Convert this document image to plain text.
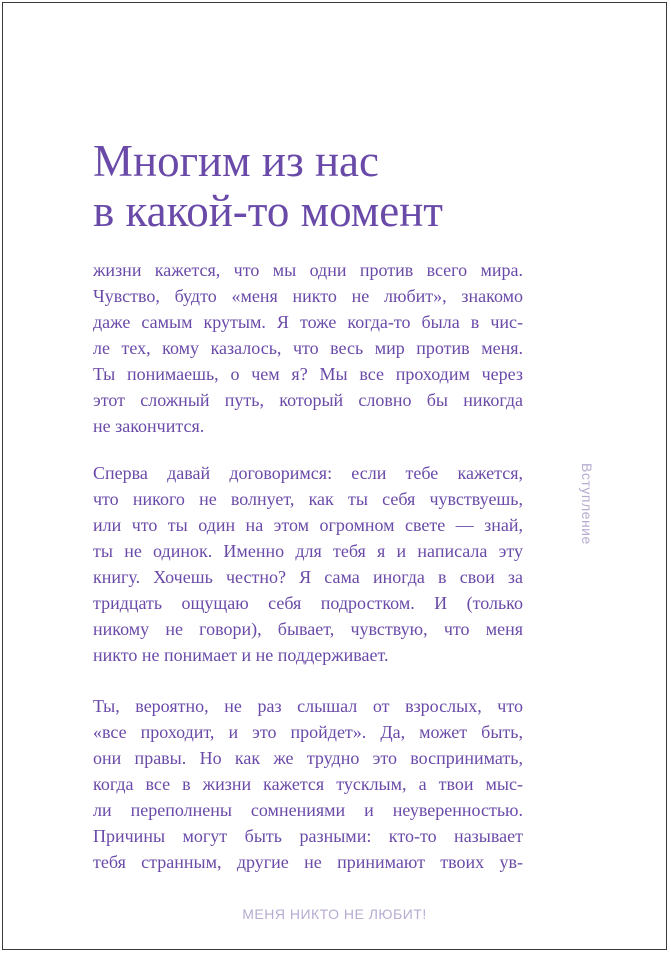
Многим из нас
в какой-то момент

жизни кажется, что мы одни против всего мира.
Чувство, будто «меня никто не любит», знакомо
даже самым крутым. Я тоже когда-то была в чис-
ле тех, кому казалось, что весь мир против меня.
Ты понимаешь, о чем я? Мы все проходим через
этот сложный путь, который словно бы никогда
не закончится.

Сперва давай договоримся: если тебе кажется,
что никого не волнует, как ты себя чувствуешь,
или что ты один на этом огромном свете — знай,
ты не одинок. Именно для тебя я и написала эту
книгу. Хочешь честно? Я сама иногда в свои за
тридцать ощущаю себя подростком. И (только
никому не говори), бывает, чувствую, что меня
никто не понимает и не поддерживает.

Ты, вероятно, не раз слышал от взрослых, что
«все проходит, и это пройдет». Да, может быть,
они правы. Но как же трудно это воспринимать,
когда все в жизни кажется тусклым, а твои мыс-
ли переполнены сомнениями и неуверенностью.
Причины могут быть разными: кто-то называет
тебя странным, другие не принимают твоих ув-

Вступление
МЕНЯ НИКТО НЕ ЛЮБИТ!
